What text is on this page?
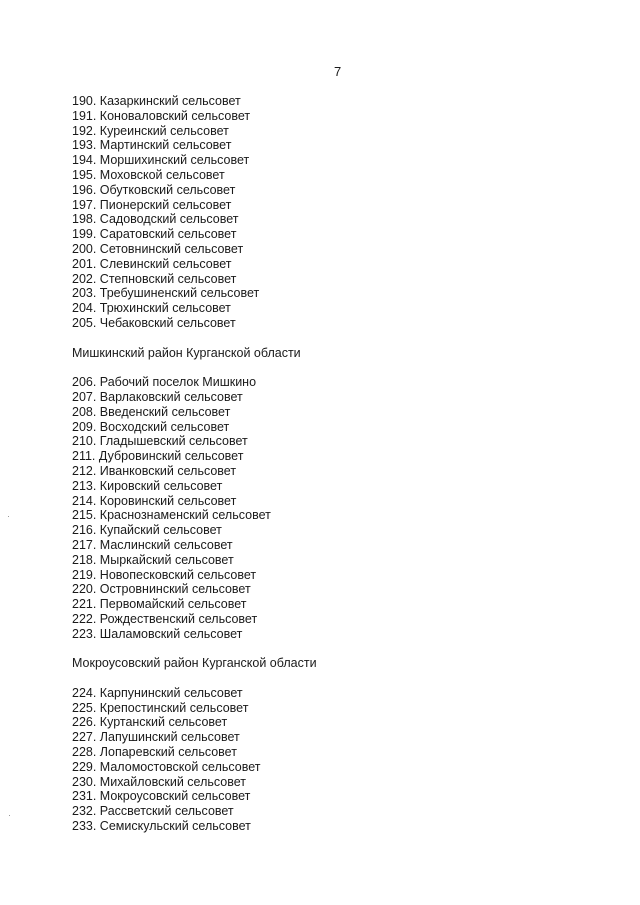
7
190. Казаркинский сельсовет
191. Коноваловский сельсовет
192. Куреинский сельсовет
193. Мартинский сельсовет
194. Моршихинский сельсовет
195. Моховской сельсовет
196. Обутковский сельсовет
197. Пионерский сельсовет
198. Садоводский сельсовет
199. Саратовский сельсовет
200. Сетовнинский сельсовет
201. Слевинский сельсовет
202. Степновский сельсовет
203. Требушиненский сельсовет
204. Трюхинский сельсовет
205. Чебаковский сельсовет
Мишкинский район Курганской области
206. Рабочий поселок Мишкино
207. Варлаковский сельсовет
208. Введенский сельсовет
209. Восходский сельсовет
210. Гладышевский сельсовет
211. Дубровинский сельсовет
212. Иванковский сельсовет
213. Кировский сельсовет
214. Коровинский сельсовет
215. Краснознаменский сельсовет
216. Купайский сельсовет
217. Маслинский сельсовет
218. Мыркайский сельсовет
219. Новопесковский сельсовет
220. Островнинский сельсовет
221. Первомайский сельсовет
222. Рождественский сельсовет
223. Шаламовский сельсовет
Мокроусовский район Курганской области
224. Карпунинский сельсовет
225. Крепостинский сельсовет
226. Куртанский сельсовет
227. Лапушинский сельсовет
228. Лопаревский сельсовет
229. Маломостовской сельсовет
230. Михайловский сельсовет
231. Мокроусовский сельсовет
232. Рассветский сельсовет
233. Семискульский сельсовет
